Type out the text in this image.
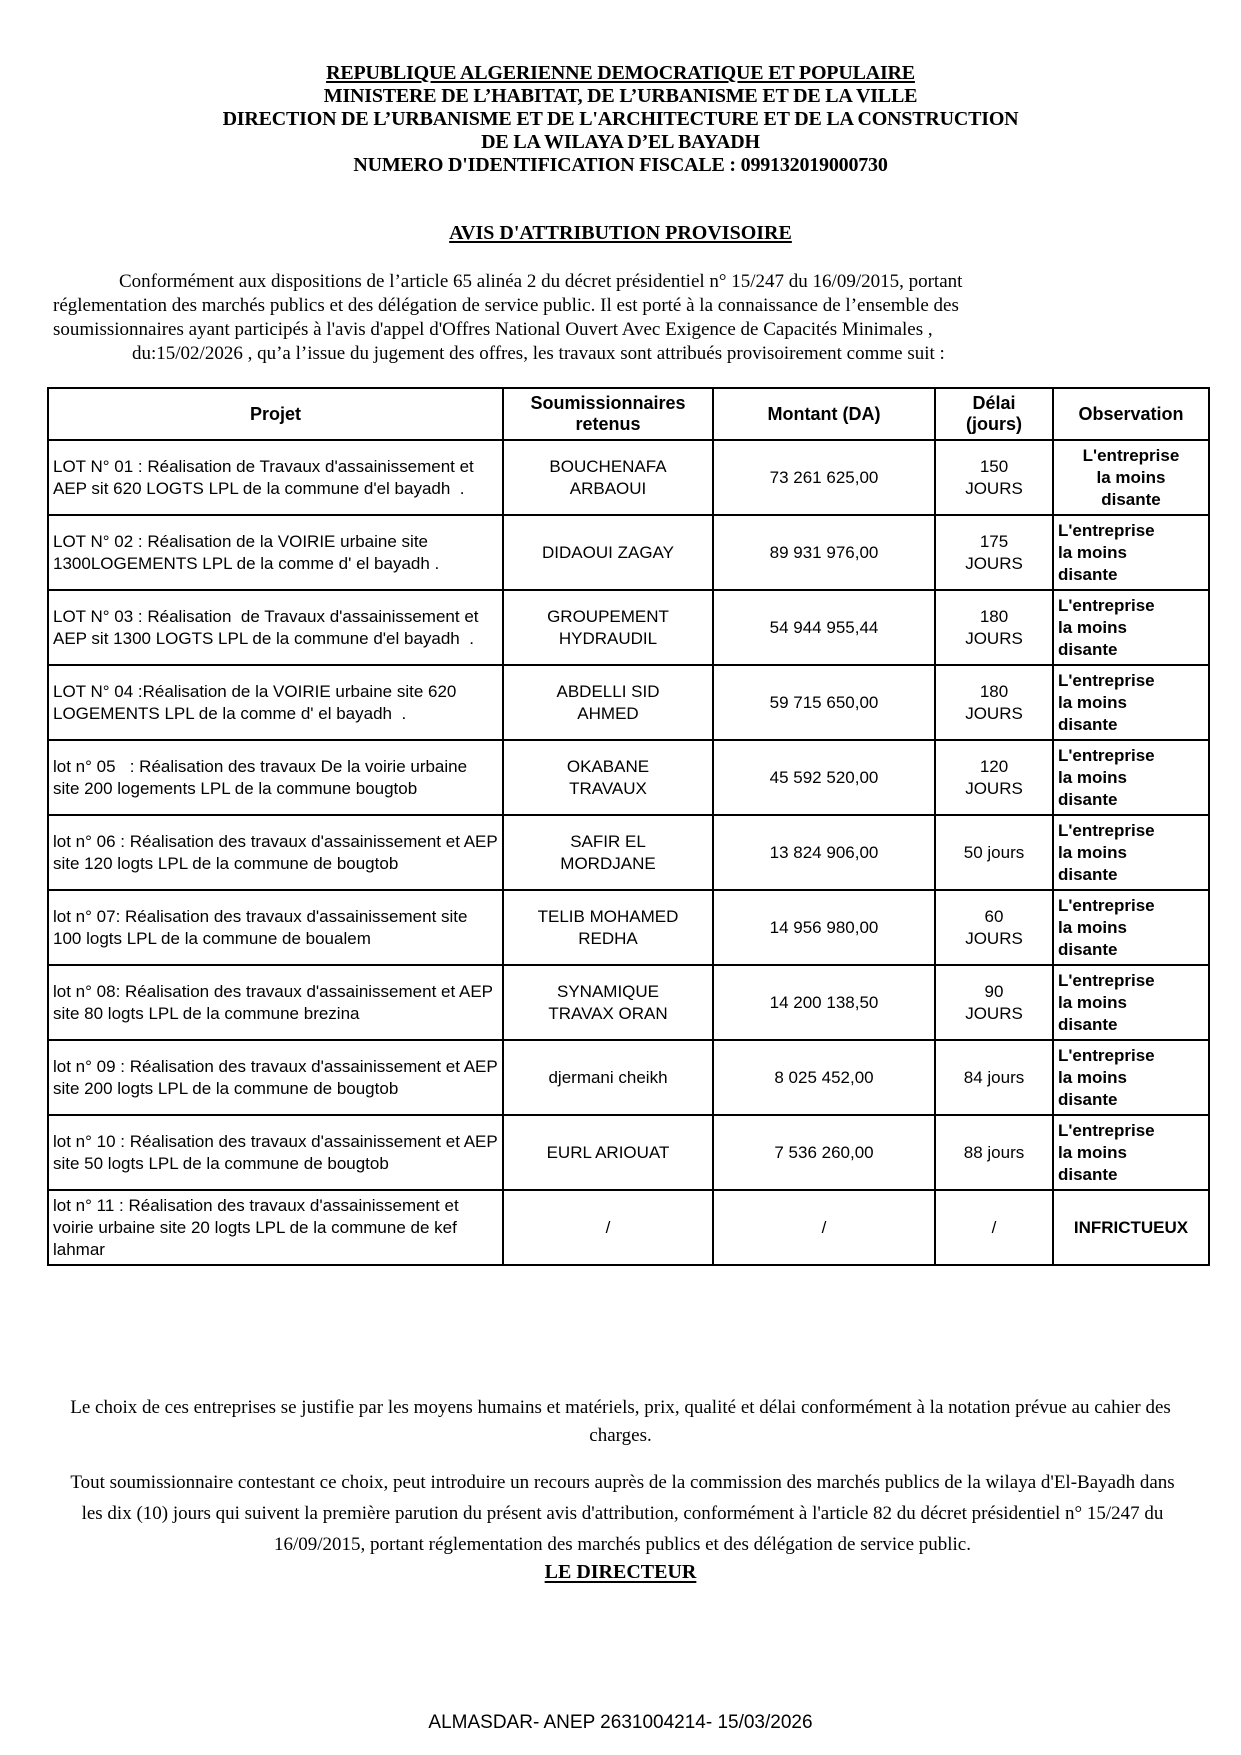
REPUBLIQUE ALGERIENNE DEMOCRATIQUE ET POPULAIRE
MINISTERE DE L’HABITAT, DE L’URBANISME ET DE LA VILLE
DIRECTION DE L’URBANISME ET DE L'ARCHITECTURE ET DE LA CONSTRUCTION
DE LA WILAYA D’EL BAYADH
NUMERO D'IDENTIFICATION FISCALE : 099132019000730
AVIS D'ATTRIBUTION PROVISOIRE
Conformément aux dispositions de l’article 65 alinéa 2 du décret présidentiel n° 15/247 du 16/09/2015, portant
réglementation des marchés publics et des délégation de service public. Il est porté à la connaissance de l’ensemble des
soumissionnaires ayant participés à l'avis d'appel d'Offres National Ouvert Avec Exigence de Capacités Minimales ,
du:15/02/2026 , qu’a l’issue du jugement des offres, les travaux sont attribués provisoirement comme suit :
Projet	Soumissionnaires retenus	Montant (DA)	Délai (jours)	Observation
LOT N° 01 : Réalisation de Travaux d'assainissement et AEP sit 620 LOGTS LPL de la commune d'el bayadh  .	BOUCHENAFA
ARBAOUI	73 261 625,00	150
JOURS	L'entreprise
la moins
disante
LOT N° 02 : Réalisation de la VOIRIE urbaine site 1300LOGEMENTS LPL de la comme d' el bayadh .	DIDAOUI ZAGAY	89 931 976,00	175
JOURS	L'entreprise
la moins
disante
LOT N° 03 : Réalisation  de Travaux d'assainissement et AEP sit 1300 LOGTS LPL de la commune d'el bayadh  .	GROUPEMENT
HYDRAUDIL	54 944 955,44	180
JOURS	L'entreprise
la moins
disante
LOT N° 04 :Réalisation de la VOIRIE urbaine site 620 LOGEMENTS LPL de la comme d' el bayadh  .	ABDELLI SID
AHMED	59 715 650,00	180
JOURS	L'entreprise
la moins
disante
lot n° 05   : Réalisation des travaux De la voirie urbaine site 200 logements LPL de la commune bougtob	OKABANE
TRAVAUX	45 592 520,00	120
JOURS	L'entreprise
la moins
disante
lot n° 06 : Réalisation des travaux d'assainissement et AEP site 120 logts LPL de la commune de bougtob	SAFIR EL
MORDJANE	13 824 906,00	50 jours	L'entreprise
la moins
disante
lot n° 07: Réalisation des travaux d'assainissement site 100 logts LPL de la commune de boualem	TELIB MOHAMED
REDHA	14 956 980,00	60
JOURS	L'entreprise
la moins
disante
lot n° 08: Réalisation des travaux d'assainissement et AEP site 80 logts LPL de la commune brezina	SYNAMIQUE
TRAVAX ORAN	14 200 138,50	90
JOURS	L'entreprise
la moins
disante
lot n° 09 : Réalisation des travaux d'assainissement et AEP site 200 logts LPL de la commune de bougtob	djermani cheikh	8 025 452,00	84 jours	L'entreprise
la moins
disante
lot n° 10 : Réalisation des travaux d'assainissement et AEP site 50 logts LPL de la commune de bougtob	EURL ARIOUAT	7 536 260,00	88 jours	L'entreprise
la moins
disante
lot n° 11 : Réalisation des travaux d'assainissement et voirie urbaine site 20 logts LPL de la commune de kef lahmar	/	/	/	INFRICTUEUX

Le choix de ces entreprises se justifie par les moyens humains et matériels, prix, qualité et délai conformément à la notation prévue au cahier des charges.

Tout soumissionnaire contestant ce choix, peut introduire un recours auprès de la commission des marchés publics de la wilaya d'El-Bayadh dans les dix (10) jours qui suivent la première parution du présent avis d'attribution, conformément à l'article 82 du décret présidentiel n° 15/247 du 16/09/2015, portant réglementation des marchés publics et des délégation de service public.

LE DIRECTEUR
ALMASDAR- ANEP 2631004214- 15/03/2026
